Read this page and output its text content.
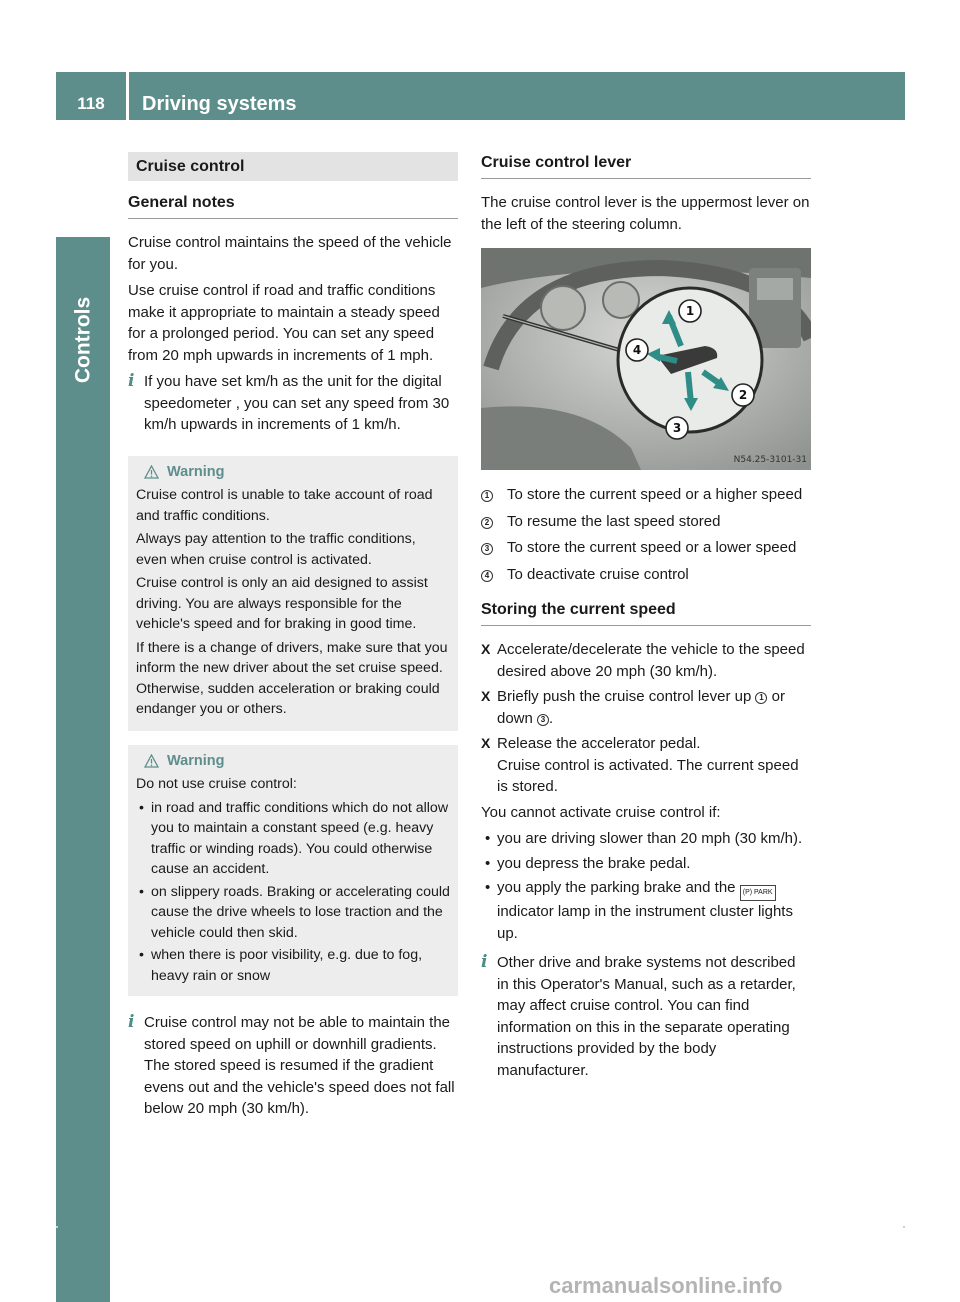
118	Driving systems
Controls
Cruise control
General notes

Cruise control maintains the speed of the vehicle for you.

Use cruise control if road and traffic conditions make it appropriate to maintain a steady speed for a prolonged period. You can set any speed from 20 mph upwards in increments of 1 mph.

i If you have set km/h as the unit for the digital speedometer , you can set any speed from 30 km/h upwards in increments of 1 km/h.
Warning

Cruise control is unable to take account of road and traffic conditions.

Always pay attention to the traffic conditions, even when cruise control is activated.

Cruise control is only an aid designed to assist driving. You are always responsible for the vehicle's speed and for braking in good time.

If there is a change of drivers, make sure that you inform the new driver about the set cruise speed. Otherwise, sudden acceleration or braking could endanger you or others.

Warning

Do not use cruise control:

• in road and traffic conditions which do not allow you to maintain a constant speed (e.g. heavy traffic or winding roads). You could otherwise cause an accident.
• on slippery roads. Braking or accelerating could cause the drive wheels to lose traction and the vehicle could then skid.
• when there is poor visibility, e.g. due to fog, heavy rain or snow
i Cruise control may not be able to maintain the stored speed on uphill or downhill gradients. The stored speed is resumed if the gradient evens out and the vehicle's speed does not fall below 20 mph (30 km/h).
Cruise control lever

The cruise control lever is the uppermost lever on the left of the steering column.

1
2
3
4
N54.25-3101-31
1 To store the current speed or a higher speed
2 To resume the last speed stored
3 To store the current speed or a lower speed
4 To deactivate cruise control
Storing the current speed
X Accelerate/decelerate the vehicle to the speed desired above 20 mph (30 km/h).
X Briefly push the cruise control lever up 1 or down 3 .
X Release the accelerator pedal.
Cruise control is activated. The current speed is stored.

You cannot activate cruise control if:

• you are driving slower than 20 mph (30 km/h).
• you depress the brake pedal.
• you apply the parking brake and the (P) PARK indicator lamp in the instrument cluster lights up.
i Other drive and brake systems not described in this Operator's Manual, such as a retarder, may affect cruise control. You can find information on this in the separate operating instructions provided by the body manufacturer.
carmanualsonline.info
